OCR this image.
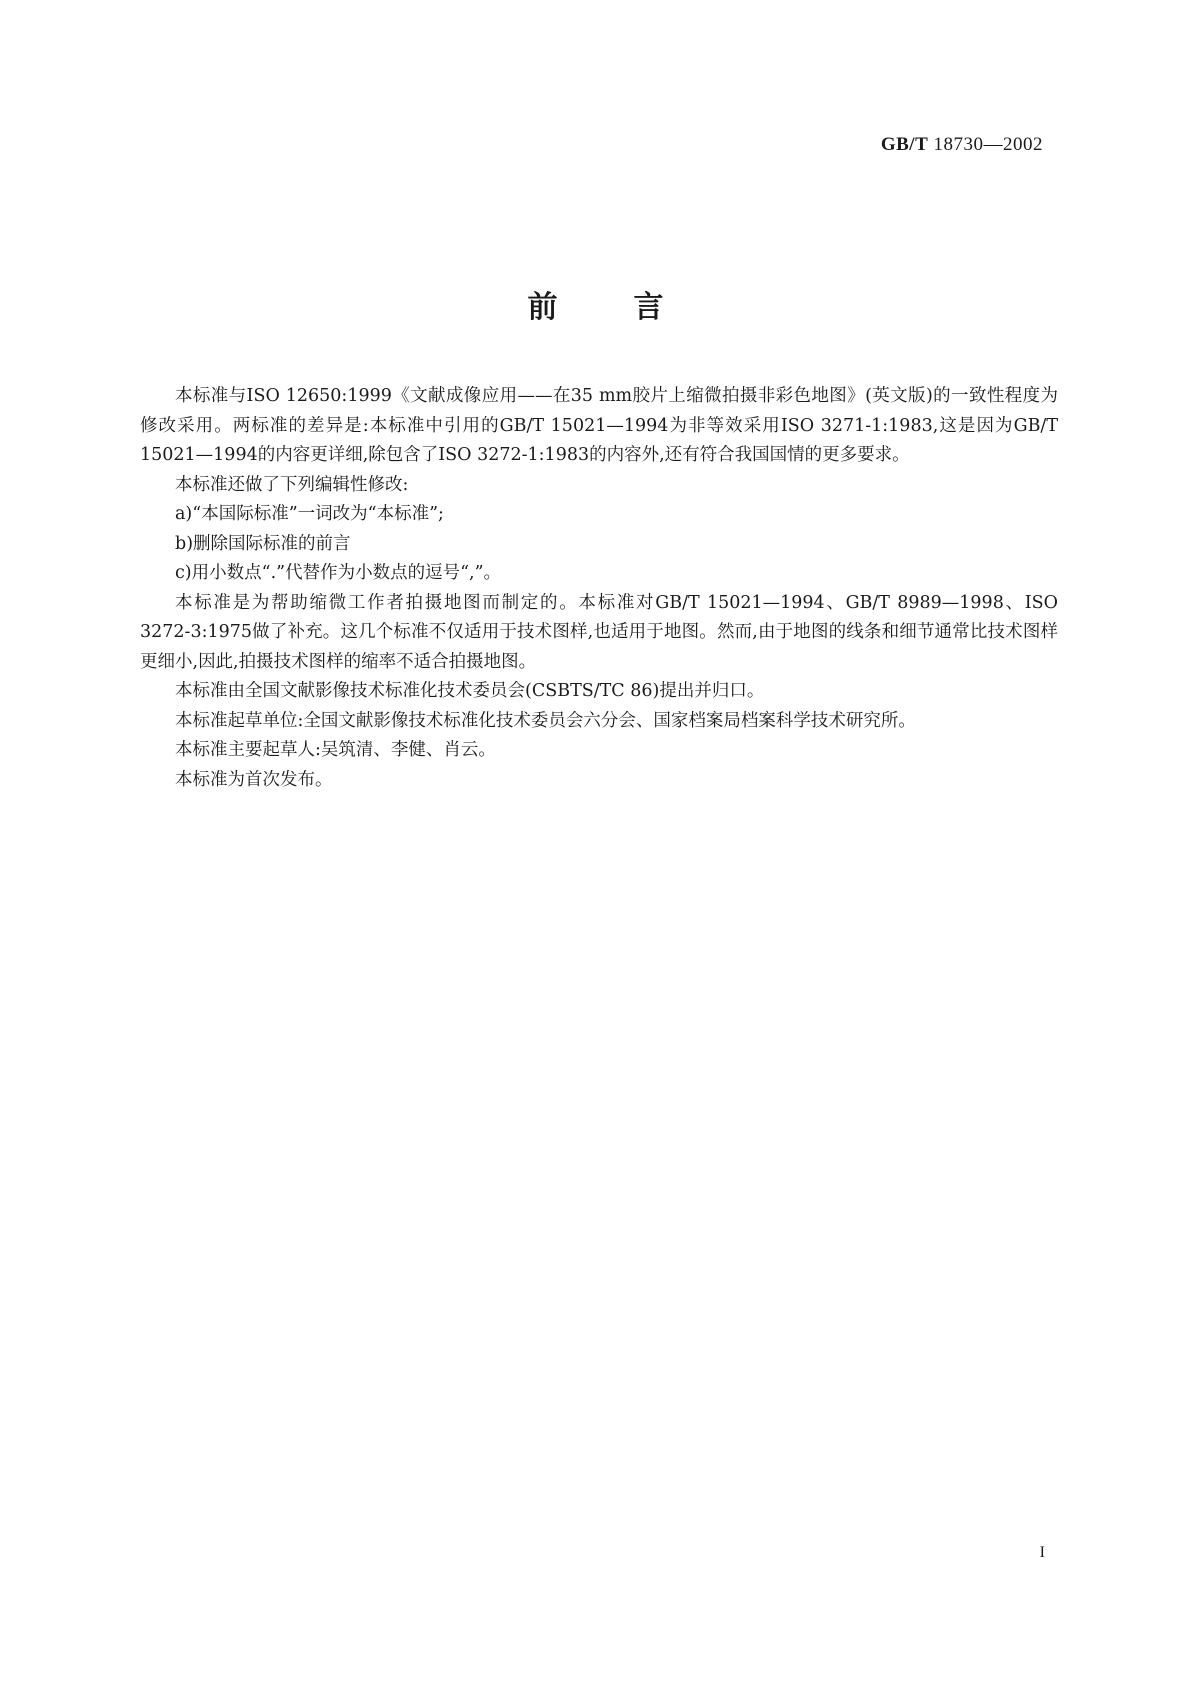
GB/T 18730—2002
前言

本标准与ISO 12650:1999《文献成像应用——在35 mm胶片上缩微拍摄非彩色地图》(英文版)的一致性程度为修改采用。两标准的差异是:本标准中引用的GB/T 15021—1994为非等效采用ISO 3271-1:1983,这是因为GB/T 15021—1994的内容更详细,除包含了ISO 3272-1:1983的内容外,还有符合我国国情的更多要求。

本标准还做了下列编辑性修改:

a)“本国际标准”一词改为“本标准”;

b)删除国际标准的前言

c)用小数点“.”代替作为小数点的逗号“,”。

本标准是为帮助缩微工作者拍摄地图而制定的。本标准对GB/T 15021—1994、GB/T 8989—1998、ISO 3272-3:1975做了补充。这几个标准不仅适用于技术图样,也适用于地图。然而,由于地图的线条和细节通常比技术图样更细小,因此,拍摄技术图样的缩率不适合拍摄地图。

本标准由全国文献影像技术标准化技术委员会(CSBTS/TC 86)提出并归口。

本标准起草单位:全国文献影像技术标准化技术委员会六分会、国家档案局档案科学技术研究所。

本标准主要起草人:吴筑清、李健、肖云。

本标准为首次发布。

I
